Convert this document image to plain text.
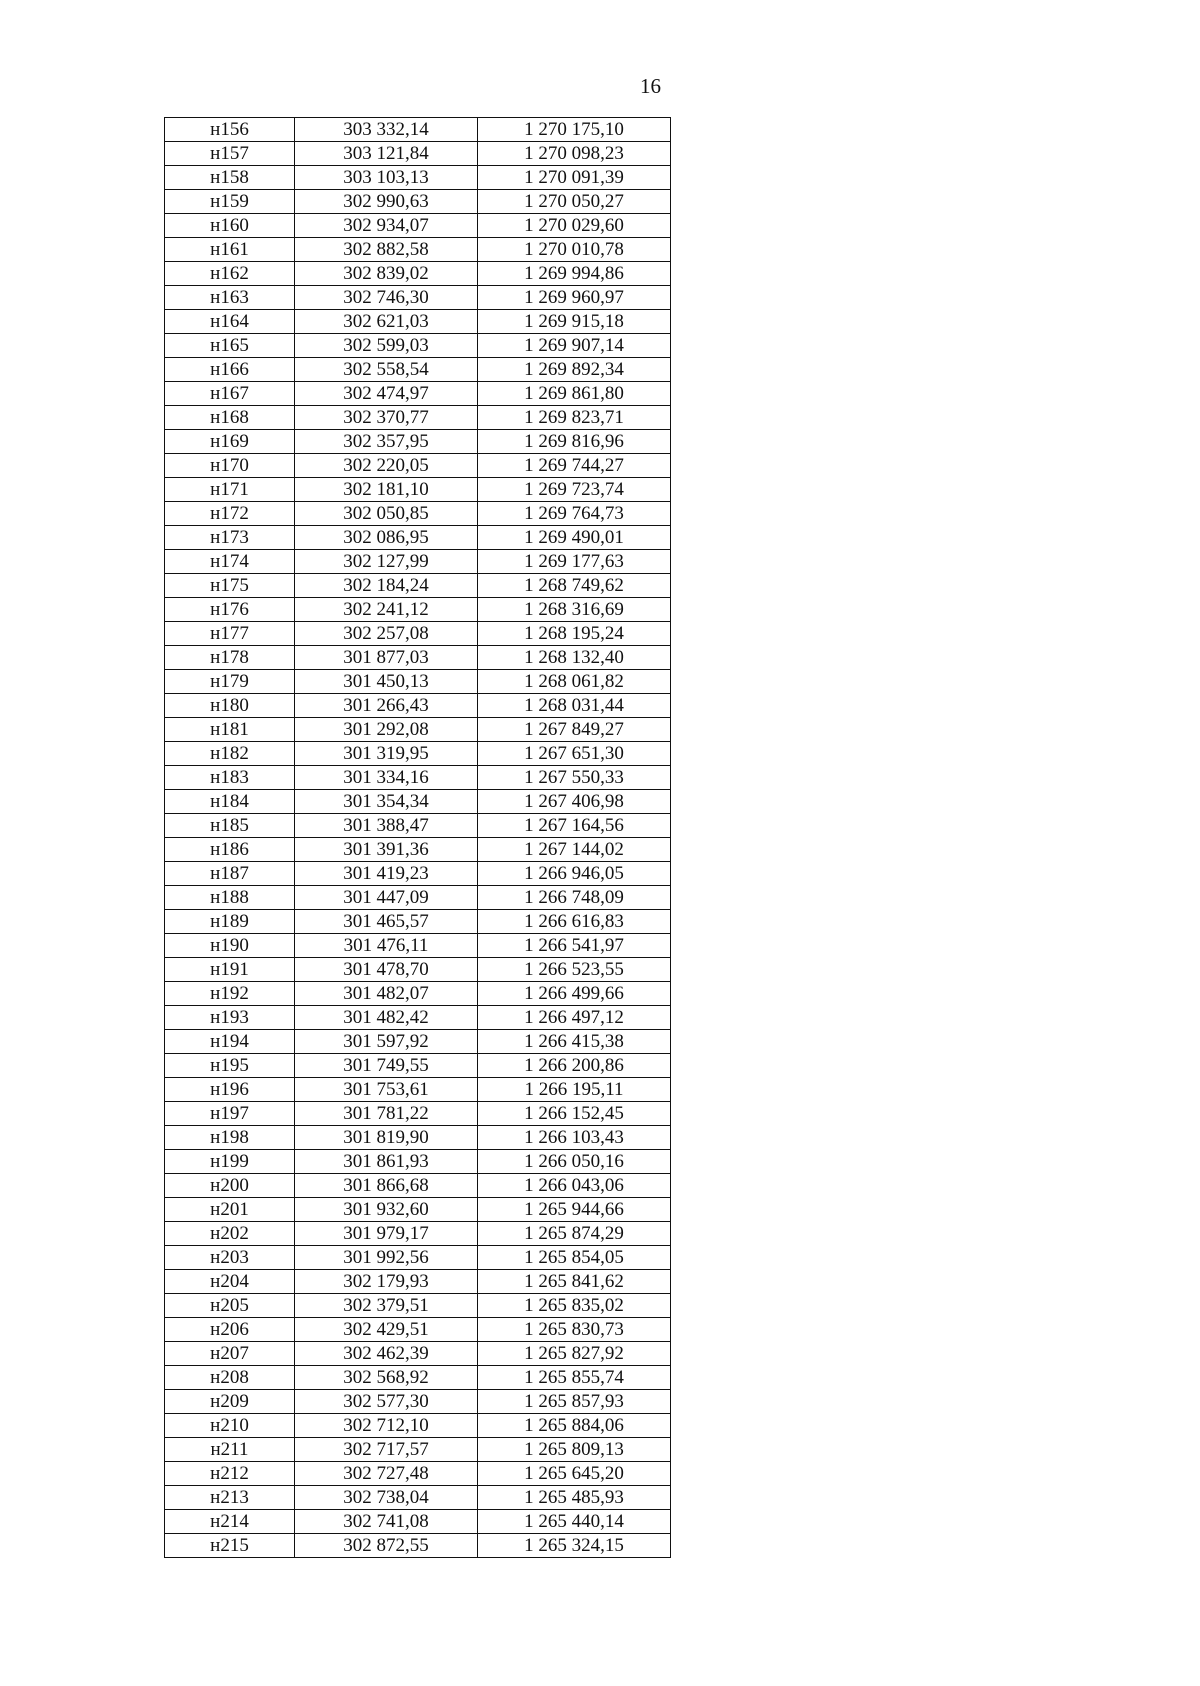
16
н156	303 332,14	1 270 175,10
н157	303 121,84	1 270 098,23
н158	303 103,13	1 270 091,39
н159	302 990,63	1 270 050,27
н160	302 934,07	1 270 029,60
н161	302 882,58	1 270 010,78
н162	302 839,02	1 269 994,86
н163	302 746,30	1 269 960,97
н164	302 621,03	1 269 915,18
н165	302 599,03	1 269 907,14
н166	302 558,54	1 269 892,34
н167	302 474,97	1 269 861,80
н168	302 370,77	1 269 823,71
н169	302 357,95	1 269 816,96
н170	302 220,05	1 269 744,27
н171	302 181,10	1 269 723,74
н172	302 050,85	1 269 764,73
н173	302 086,95	1 269 490,01
н174	302 127,99	1 269 177,63
н175	302 184,24	1 268 749,62
н176	302 241,12	1 268 316,69
н177	302 257,08	1 268 195,24
н178	301 877,03	1 268 132,40
н179	301 450,13	1 268 061,82
н180	301 266,43	1 268 031,44
н181	301 292,08	1 267 849,27
н182	301 319,95	1 267 651,30
н183	301 334,16	1 267 550,33
н184	301 354,34	1 267 406,98
н185	301 388,47	1 267 164,56
н186	301 391,36	1 267 144,02
н187	301 419,23	1 266 946,05
н188	301 447,09	1 266 748,09
н189	301 465,57	1 266 616,83
н190	301 476,11	1 266 541,97
н191	301 478,70	1 266 523,55
н192	301 482,07	1 266 499,66
н193	301 482,42	1 266 497,12
н194	301 597,92	1 266 415,38
н195	301 749,55	1 266 200,86
н196	301 753,61	1 266 195,11
н197	301 781,22	1 266 152,45
н198	301 819,90	1 266 103,43
н199	301 861,93	1 266 050,16
н200	301 866,68	1 266 043,06
н201	301 932,60	1 265 944,66
н202	301 979,17	1 265 874,29
н203	301 992,56	1 265 854,05
н204	302 179,93	1 265 841,62
н205	302 379,51	1 265 835,02
н206	302 429,51	1 265 830,73
н207	302 462,39	1 265 827,92
н208	302 568,92	1 265 855,74
н209	302 577,30	1 265 857,93
н210	302 712,10	1 265 884,06
н211	302 717,57	1 265 809,13
н212	302 727,48	1 265 645,20
н213	302 738,04	1 265 485,93
н214	302 741,08	1 265 440,14
н215	302 872,55	1 265 324,15
